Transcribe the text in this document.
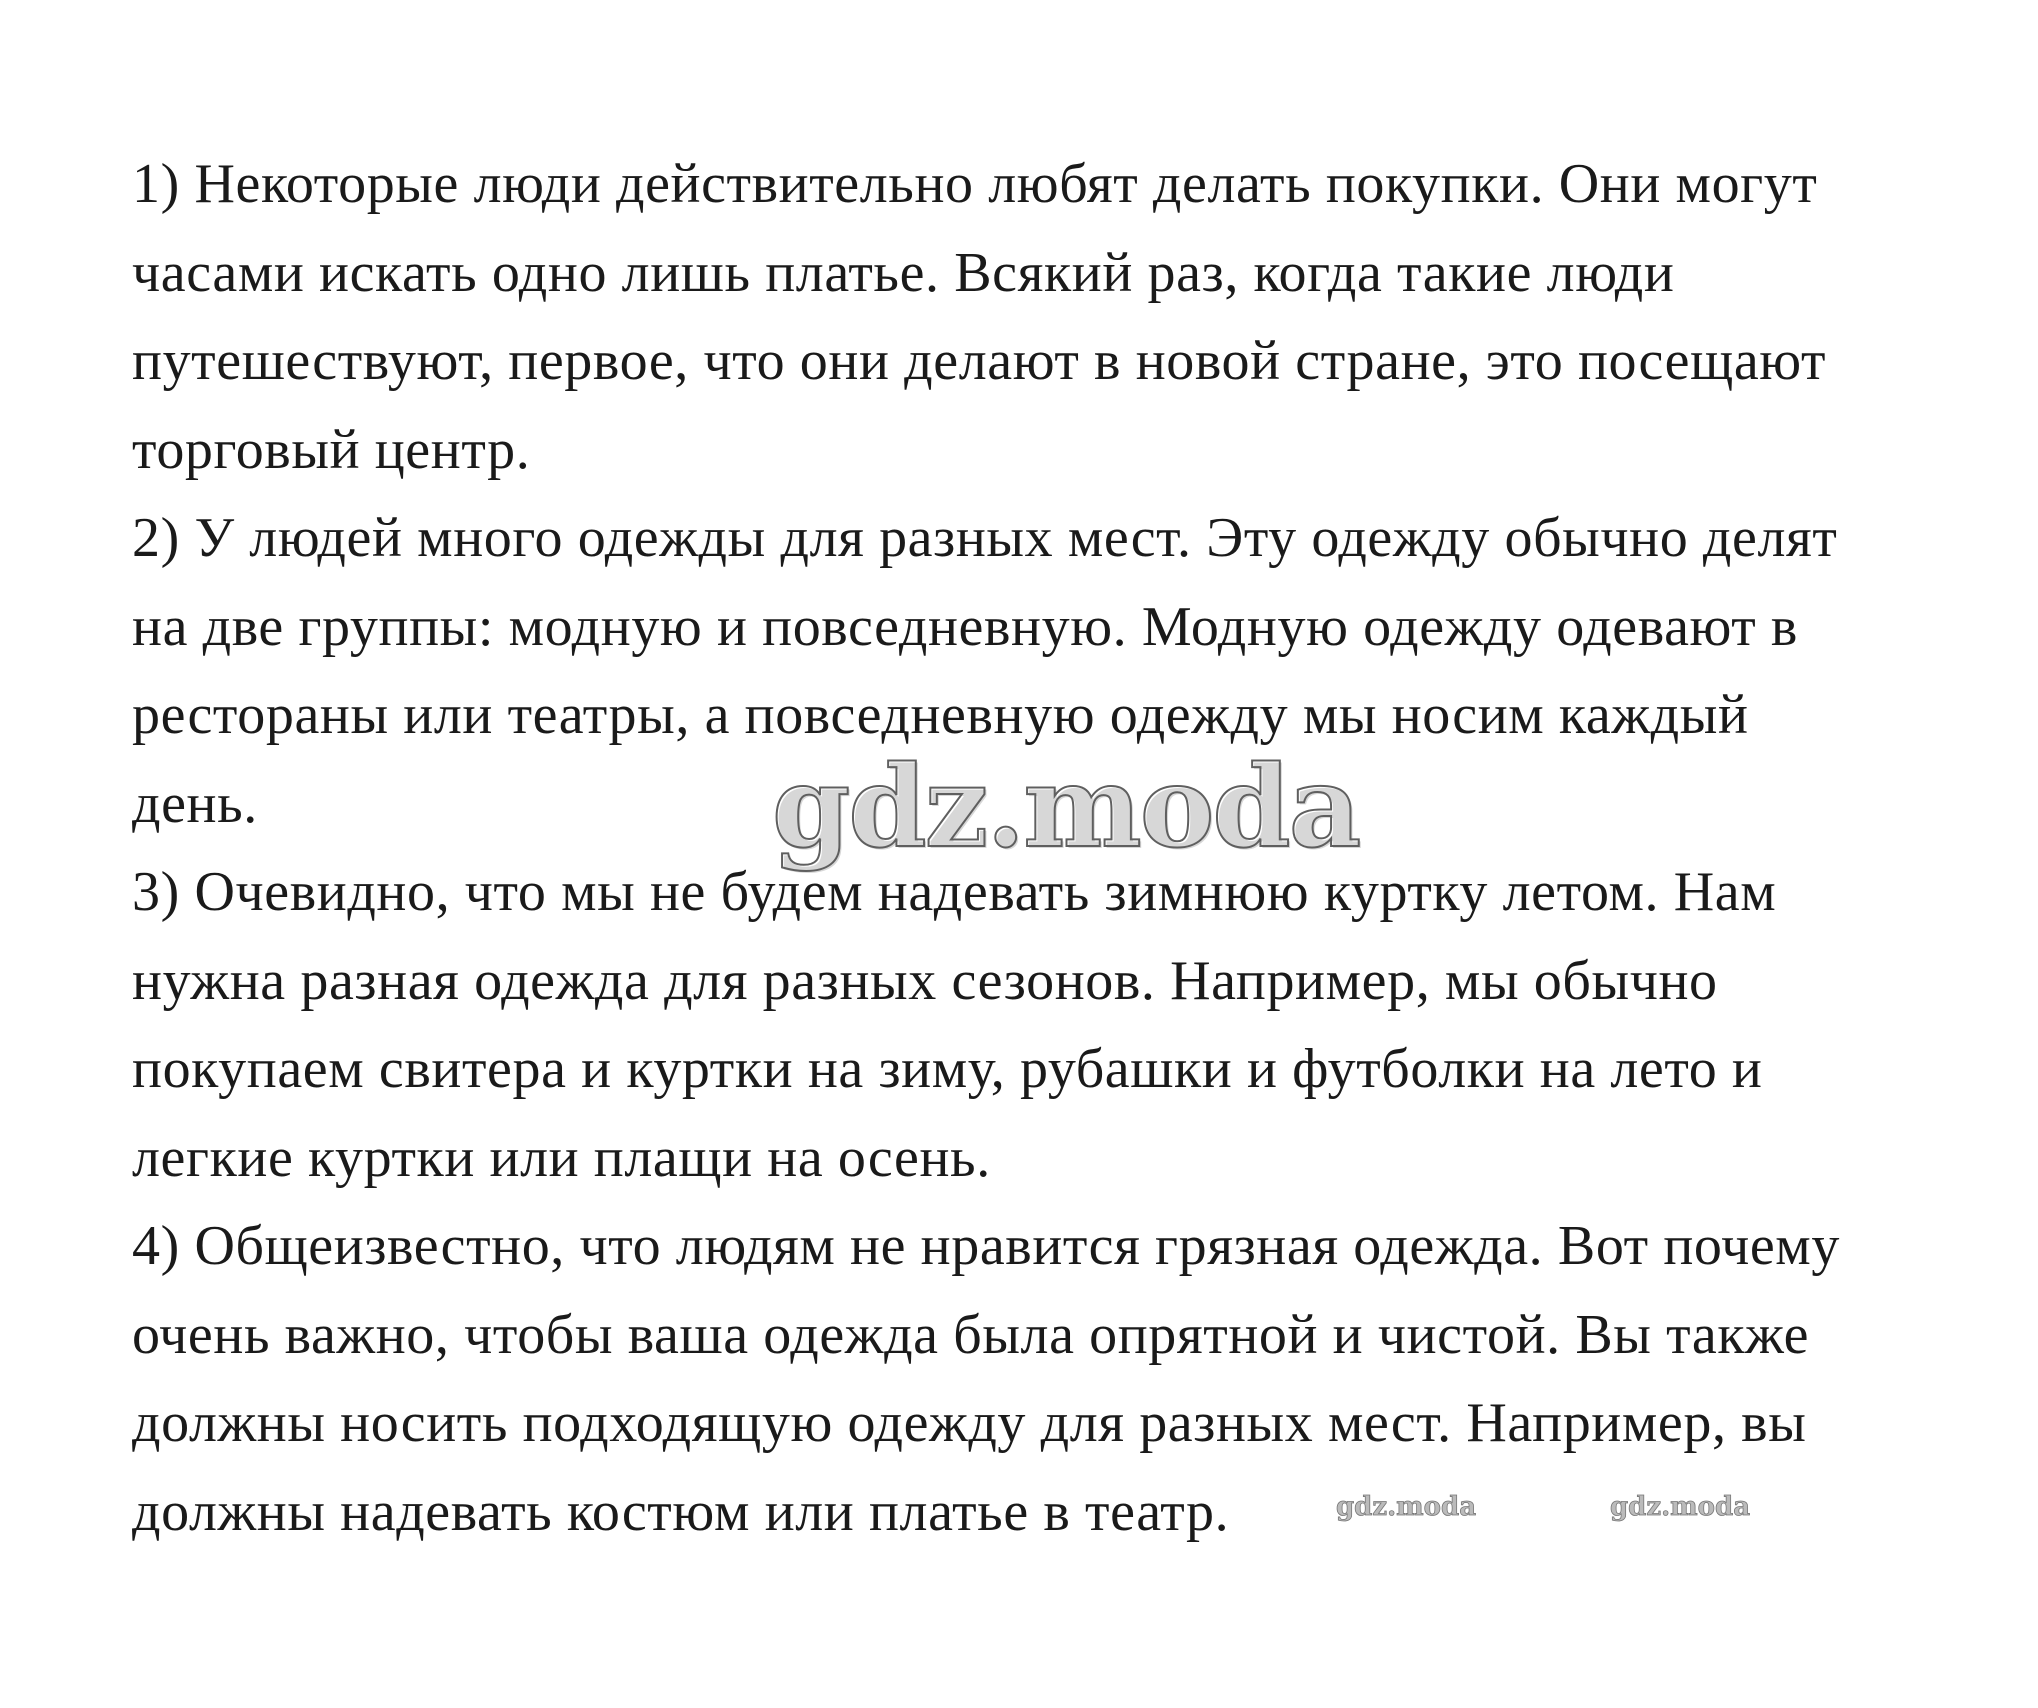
1) Некоторые люди действительно любят делать покупки. Они могут
часами искать одно лишь платье. Всякий раз, когда такие люди
путешествуют, первое, что они делают в новой стране, это посещают
торговый центр.
2) У людей много одежды для разных мест. Эту одежду обычно делят
на две группы: модную и повседневную. Модную одежду одевают в
рестораны или театры, а повседневную одежду мы носим каждый
день.
3) Очевидно, что мы не будем надевать зимнюю куртку летом. Нам
нужна разная одежда для разных сезонов. Например, мы обычно
покупаем свитера и куртки на зиму, рубашки и футболки на лето и
легкие куртки или плащи на осень.
4) Общеизвестно, что людям не нравится грязная одежда. Вот почему
очень важно, чтобы ваша одежда была опрятной и чистой. Вы также
должны носить подходящую одежду для разных мест. Например, вы
должны надевать костюм или платье в театр.
gdz.moda
gdz.moda	gdz.moda
